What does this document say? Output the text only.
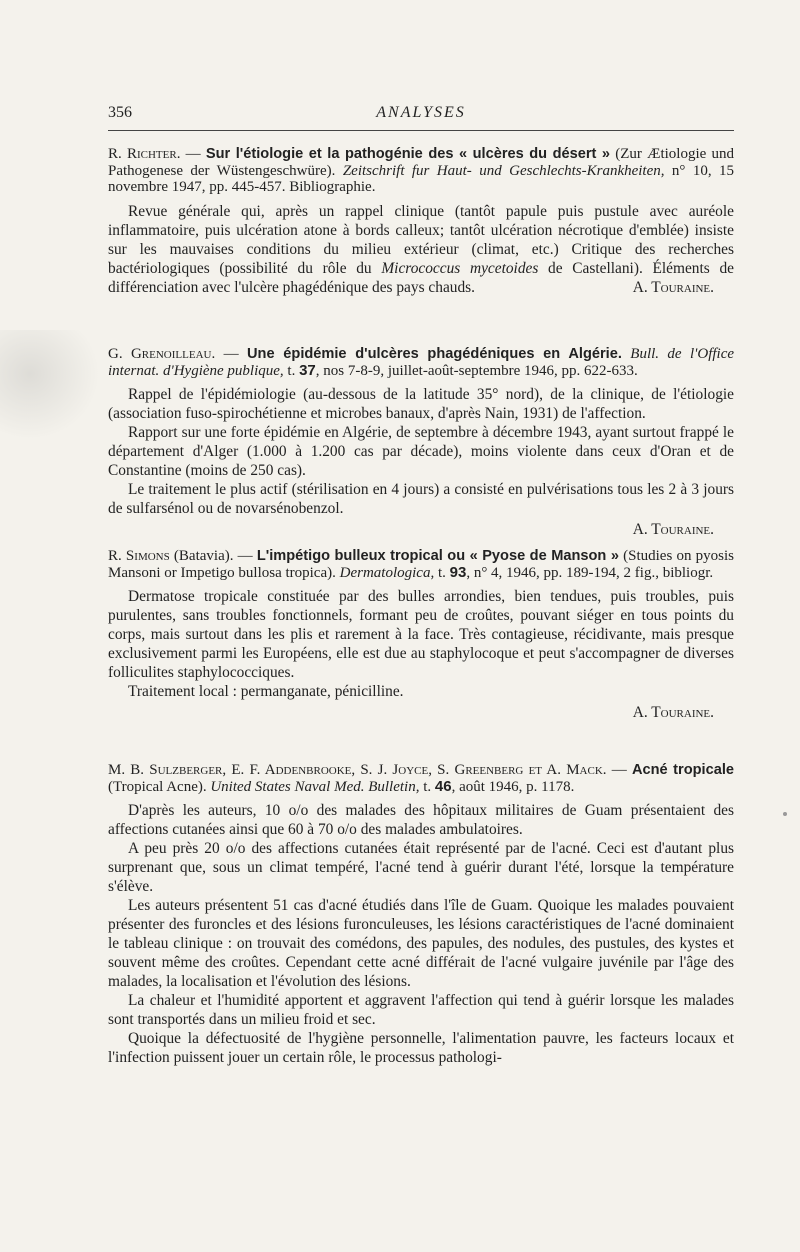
356	ANALYSES
R. Richter. — Sur l'étiologie et la pathogénie des « ulcères du désert » (Zur Ætiologie und Pathogenese der Wüstengeschwüre). Zeitschrift fur Haut- und Geschlechts-Krankheiten, n° 10, 15 novembre 1947, pp. 445-457. Bibliographie.

Revue générale qui, après un rappel clinique (tantôt papule puis pustule avec auréole inflammatoire, puis ulcération atone à bords calleux; tantôt ulcération nécrotique d'emblée) insiste sur les mauvaises conditions du milieu extérieur (climat, etc.) Critique des recherches bactériologiques (possibilité du rôle du Micrococcus mycetoides de Castellani). Éléments de différenciation avec l'ulcère phagédénique des pays chauds.	A. Touraine.

G. Grenoilleau. — Une épidémie d'ulcères phagédéniques en Algérie. Bull. de l'Office internat. d'Hygiène publique, t. 37, nos 7-8-9, juillet-août-septembre 1946, pp. 622-633.

Rappel de l'épidémiologie (au-dessous de la latitude 35° nord), de la clinique, de l'étiologie (association fuso-spirochétienne et microbes banaux, d'après Nain, 1931) de l'affection.

Rapport sur une forte épidémie en Algérie, de septembre à décembre 1943, ayant surtout frappé le département d'Alger (1.000 à 1.200 cas par décade), moins violente dans ceux d'Oran et de Constantine (moins de 250 cas).

Le traitement le plus actif (stérilisation en 4 jours) a consisté en pulvérisations tous les 2 à 3 jours de sulfarsénol ou de novarsénobenzol.

A. Touraine.

R. Simons (Batavia). — L'impétigo bulleux tropical ou « Pyose de Manson » (Studies on pyosis Mansoni or Impetigo bullosa tropica). Dermatologica, t. 93, n° 4, 1946, pp. 189-194, 2 fig., bibliogr.

Dermatose tropicale constituée par des bulles arrondies, bien tendues, puis troubles, puis purulentes, sans troubles fonctionnels, formant peu de croûtes, pouvant siéger en tous points du corps, mais surtout dans les plis et rarement à la face. Très contagieuse, récidivante, mais presque exclusivement parmi les Européens, elle est due au staphylocoque et peut s'accompagner de diverses folliculites staphylococciques.

Traitement local : permanganate, pénicilline.

A. Touraine.

M. B. Sulzberger, E. F. Addenbrooke, S. J. Joyce, S. Greenberg et A. Mack. — Acné tropicale (Tropical Acne). United States Naval Med. Bulletin, t. 46, août 1946, p. 1178.

D'après les auteurs, 10 o/o des malades des hôpitaux militaires de Guam présentaient des affections cutanées ainsi que 60 à 70 o/o des malades ambulatoires.

A peu près 20 o/o des affections cutanées était représenté par de l'acné. Ceci est d'autant plus surprenant que, sous un climat tempéré, l'acné tend à guérir durant l'été, lorsque la température s'élève.

Les auteurs présentent 51 cas d'acné étudiés dans l'île de Guam. Quoique les malades pouvaient présenter des furoncles et des lésions furonculeuses, les lésions caractéristiques de l'acné dominaient le tableau clinique : on trouvait des comédons, des papules, des nodules, des pustules, des kystes et souvent même des croûtes. Cependant cette acné différait de l'acné vulgaire juvénile par l'âge des malades, la localisation et l'évolution des lésions.

La chaleur et l'humidité apportent et aggravent l'affection qui tend à guérir lorsque les malades sont transportés dans un milieu froid et sec.

Quoique la défectuosité de l'hygiène personnelle, l'alimentation pauvre, les facteurs locaux et l'infection puissent jouer un certain rôle, le processus pathologi-
